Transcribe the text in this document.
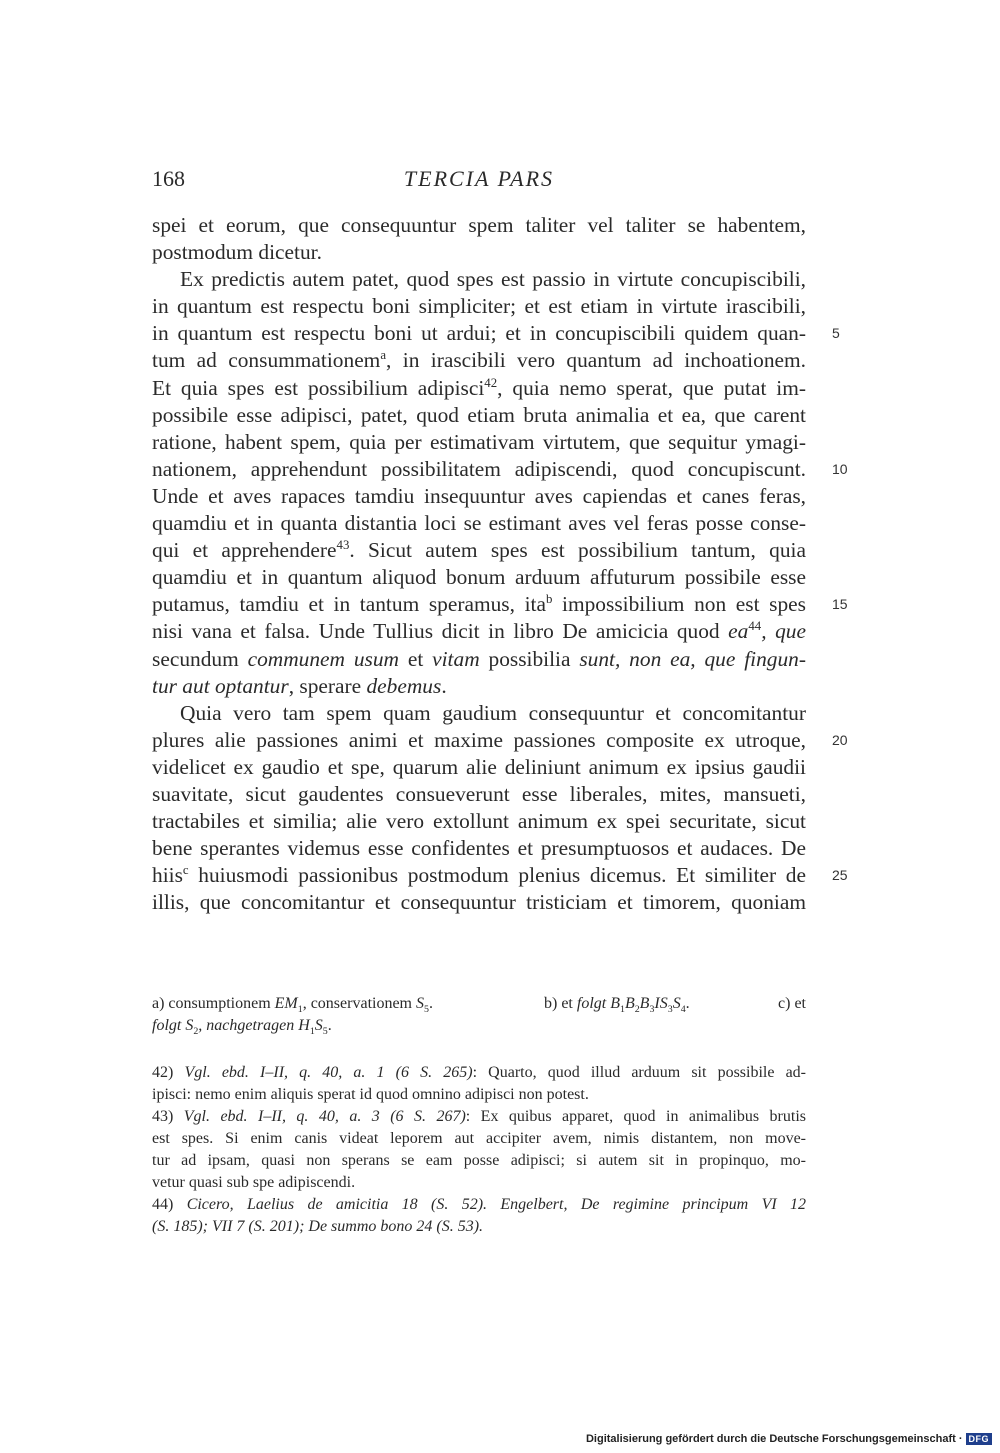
168	TERCIA PARS
spei et eorum, que consequuntur spem taliter vel taliter se habentem,
postmodum dicetur.
Ex predictis autem patet, quod spes est passio in virtute concupiscibili,
in quantum est respectu boni simpliciter; et est etiam in virtute irascibili,
in quantum est respectu boni ut ardui; et in concupiscibili quidem quan- 5
tum ad consummationem$^a$, in irascibili vero quantum ad inchoationem.
Et quia spes est possibilium adipisci$^{42}$, quia nemo sperat, que putat im-
possibile esse adipisci, patet, quod etiam bruta animalia et ea, que carent
ratione, habent spem, quia per estimativam virtutem, que sequitur ymagi-
nationem, apprehendunt possibilitatem adipiscendi, quod concupiscunt. 10
Unde et aves rapaces tamdiu insequuntur aves capiendas et canes feras,
quamdiu et in quanta distantia loci se estimant aves vel feras posse conse-
qui et apprehendere$^{43}$. Sicut autem spes est possibilium tantum, quia
quamdiu et in quantum aliquod bonum arduum affuturum possibile esse
putamus, tamdiu et in tantum speramus, ita$^b$ impossibilium non est spes 15
nisi vana et falsa. Unde Tullius dicit in libro De amicicia quod $ea^{44}$, que
secundum communem usum et vitam possibilia sunt, non ea, que fingun-
tur aut optantur, sperare debemus.
Quia vero tam spem quam gaudium consequuntur et concomitantur
plures alie passiones animi et maxime passiones composite ex utroque, 20
videlicet ex gaudio et spe, quarum alie deliniunt animum ex ipsius gaudii
suavitate, sicut gaudentes consueverunt esse liberales, mites, mansueti,
tractabiles et similia; alie vero extollunt animum ex spei securitate, sicut
bene sperantes videmus esse confidentes et presumptuosos et audaces. De
hiis$^c$ huiusmodi passionibus postmodum plenius dicemus. Et similiter de 25
illis, que concomitantur et consequuntur tristiciam et timorem, quoniam
a) consumptionem $EM_1$, conservationem $S_5$.	b) et folgt $B_1B_2B_3IS_3S_4$.	c) et
folgt $S_2$, nachgetragen $H_1S_5$.
42) Vgl. ebd. I–II, q. 40, a. 1 (6 S. 265): Quarto, quod illud arduum sit possibile ad-
ipisci: nemo enim aliquis sperat id quod omnino adipisci non potest.
43) Vgl. ebd. I–II, q. 40, a. 3 (6 S. 267): Ex quibus apparet, quod in animalibus brutis
est spes. Si enim canis videat leporem aut accipiter avem, nimis distantem, non move-
tur ad ipsam, quasi non sperans se eam posse adipisci; si autem sit in propinquo, mo-
vetur quasi sub spe adipiscendi.
44) Cicero, Laelius de amicitia 18 (S. 52). Engelbert, De regimine principum VI 12
(S. 185); VII 7 (S. 201); De summo bono 24 (S. 53).
Digitalisierung gefördert durch die Deutsche Forschungsgemeinschaft · DFG
